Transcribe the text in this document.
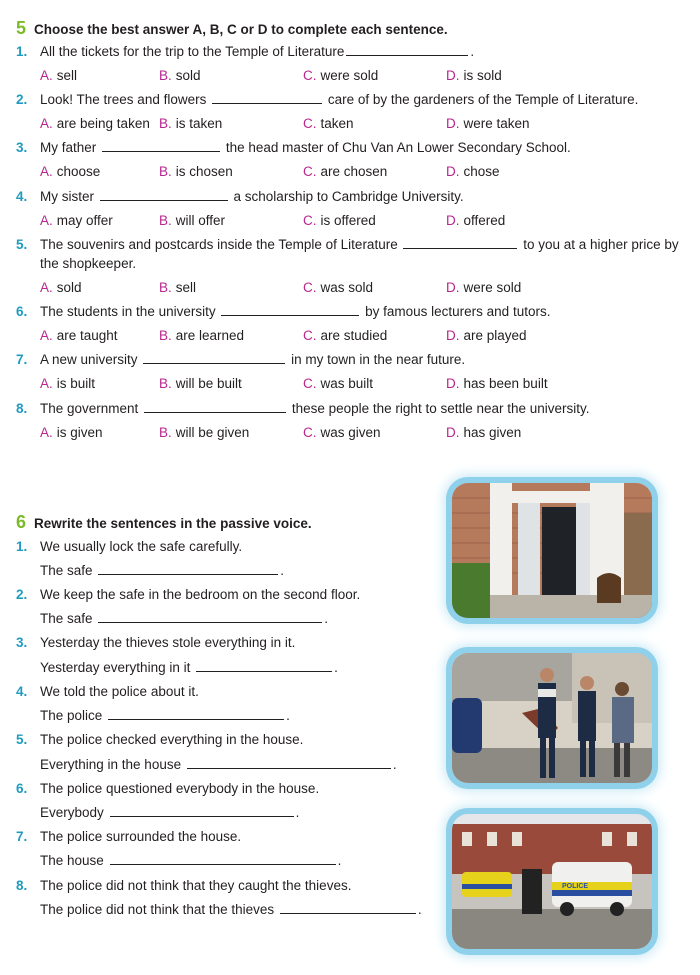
5 Choose the best answer A, B, C or D to complete each sentence.
1. All the tickets for the trip to the Temple of Literature	.
A. sell	B. sold	C. were sold	D. is sold
2. Look! The trees and flowers	care of by the gardeners of the Temple of Literature.
A. are being taken B. is taken	C. taken	D. were taken
3. My father	the head master of Chu Van An Lower Secondary School.
A. choose	B. is chosen	C. are chosen	D. chose
4. My sister	a scholarship to Cambridge University.
A. may offer	B. will offer	C. is offered	D. offered
5. The souvenirs and postcards inside the Temple of Literature	to you at a higher price by
the shopkeeper.
A. sold	B. sell	C. was sold	D. were sold
6. The students in the university	by famous lecturers and tutors.
A. are taught	B. are learned	C. are studied	D. are played
7. A new university	in my town in the near future.
A. is built	B. will be built	C. was built	D. has been built
8. The government	these people the right to settle near the university.
A. is given	B. will be given	C. was given	D. has given
6 Rewrite the sentences in the passive voice.
1. We usually lock the safe carefully.
The safe	.
2. We keep the safe in the bedroom on the second floor.
The safe	.
3. Yesterday the thieves stole everything in it.
Yesterday everything in it	.
4. We told the police about it.
The police	.
5. The police checked everything in the house.
Everything in the house	.
6. The police questioned everybody in the house.
Everybody	.
7. The police surrounded the house.
The house	.
8. The police did not think that they caught the thieves.
The police did not think that the thieves	.
POLICE
